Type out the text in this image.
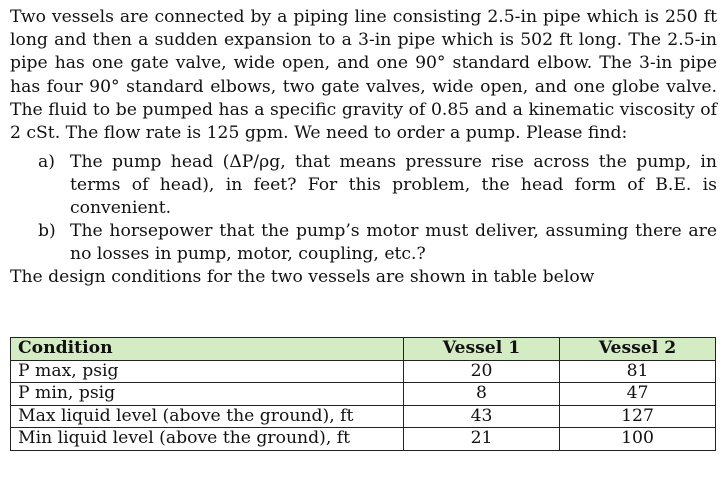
Two vessels are connected by a piping line consisting 2.5-in pipe which is 250 ft long and then a sudden expansion to a 3-in pipe which is 502 ft long. The 2.5-in pipe has one gate valve, wide open, and one 90° standard elbow. The 3-in pipe has four 90° standard elbows, two gate valves, wide open, and one globe valve. The fluid to be pumped has a specific gravity of 0.85 and a kinematic viscosity of 2 cSt. The flow rate is 125 gpm. We need to order a pump. Please find:

a) The pump head (ΔP/ρg, that means pressure rise across the pump, in terms of head), in feet? For this problem, the head form of B.E. is convenient.
b) The horsepower that the pump’s motor must deliver, assuming there are no losses in pump, motor, coupling, etc.?

The design conditions for the two vessels are shown in table below

Condition	Vessel 1	Vessel 2
P max, psig	20	81
P min, psig	8	47
Max liquid level (above the ground), ft	43	127
Min liquid level (above the ground), ft	21	100
